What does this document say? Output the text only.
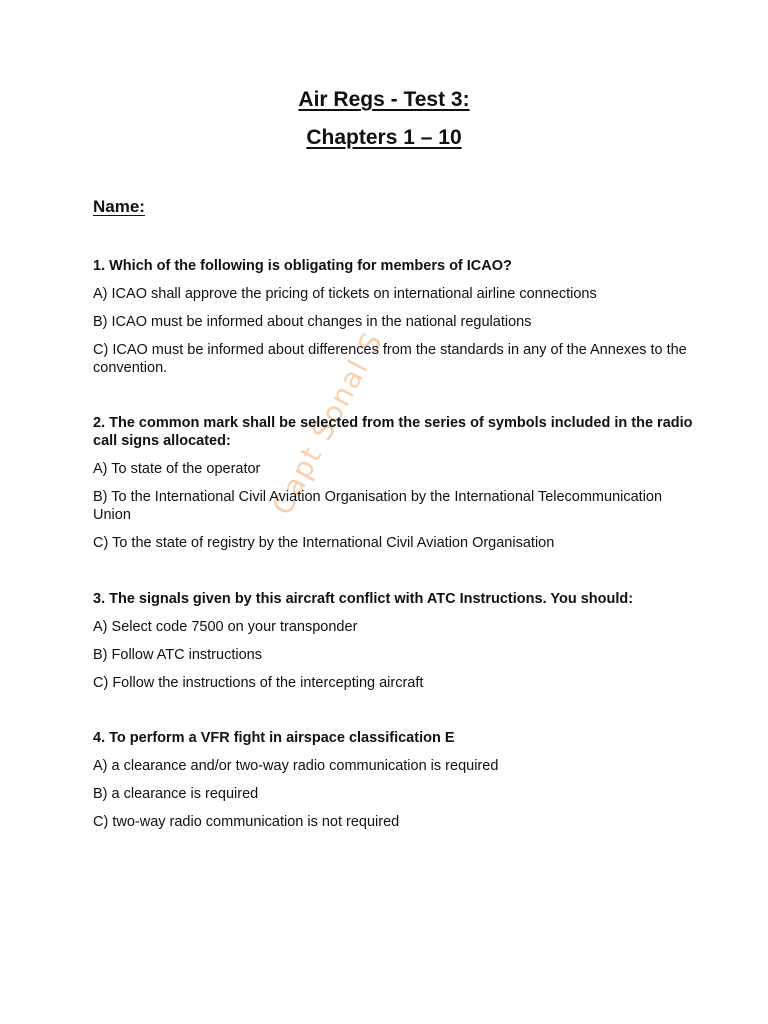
Air Regs - Test 3:
Chapters 1 – 10

Name:

Capt Sonal S

1. Which of the following is obligating for members of ICAO?

A) ICAO shall approve the pricing of tickets on international airline connections

B) ICAO must be informed about changes in the national regulations

C) ICAO must be informed about differences from the standards in any of the Annexes to the convention.

2. The common mark shall be selected from the series of symbols included in the radio call signs allocated:

A) To state of the operator

B) To the International Civil Aviation Organisation by the International Telecommunication Union

C) To the state of registry by the International Civil Aviation Organisation

3. The signals given by this aircraft conflict with ATC Instructions. You should:

A) Select code 7500 on your transponder

B) Follow ATC instructions

C) Follow the instructions of the intercepting aircraft

4. To perform a VFR fight in airspace classification E

A) a clearance and/or two-way radio communication is required

B) a clearance is required

C) two-way radio communication is not required
